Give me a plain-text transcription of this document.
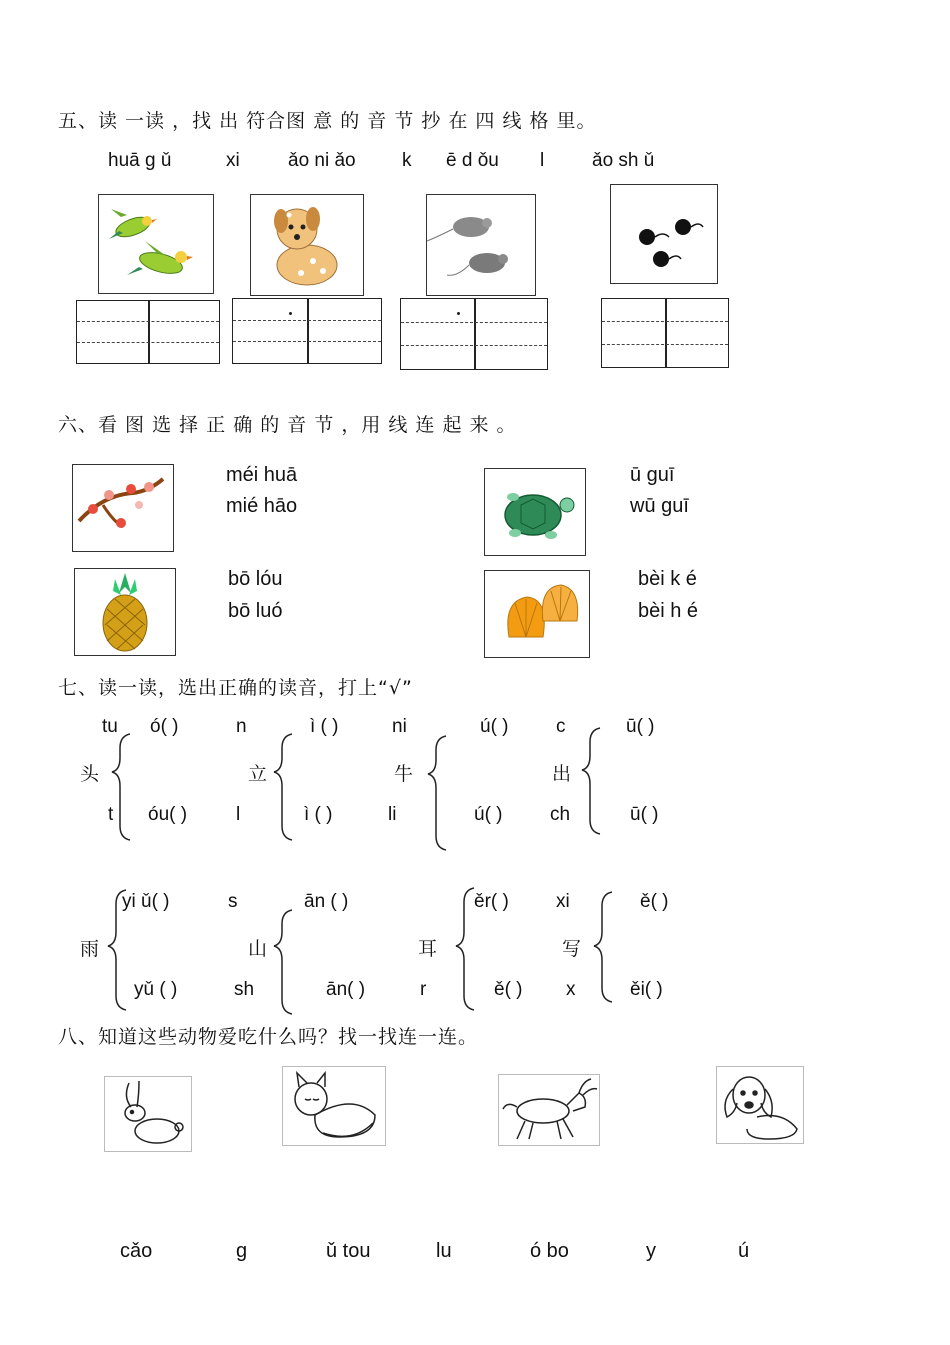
五、读 一读 ，找 出 符合图 意 的 音 节 抄 在 四 线 格 里。
huā g ǔ	xi	ǎo ni ǎo k ē d ǒu l	ǎo sh ǔ
六、看 图 选 择 正 确 的 音 节 ，用 线 连 起 来 。
méi huā
mié hāo
ū guī
wū guī
bō lóu
bō luó
bèi k é
bèi h é
七、读一读，选出正确的读音，打上“√”
头	立	牛	出
tu ó( )	n	ì ( )	ni	ú( )	c	ū( )
t óu( )	l	ì ( )	li	ú( )	ch	ū( )
雨	山	耳	写
yi ǔ( )	s	ān ( )	ěr( ) xi	ě( )
yǔ ( )	sh	ān( )	r	ě( ) x	ěi( )
八、知道这些动物爱吃什么吗？找一找连一连。
cǎo	g	ǔ tou	lu	ó bo	y	ú
